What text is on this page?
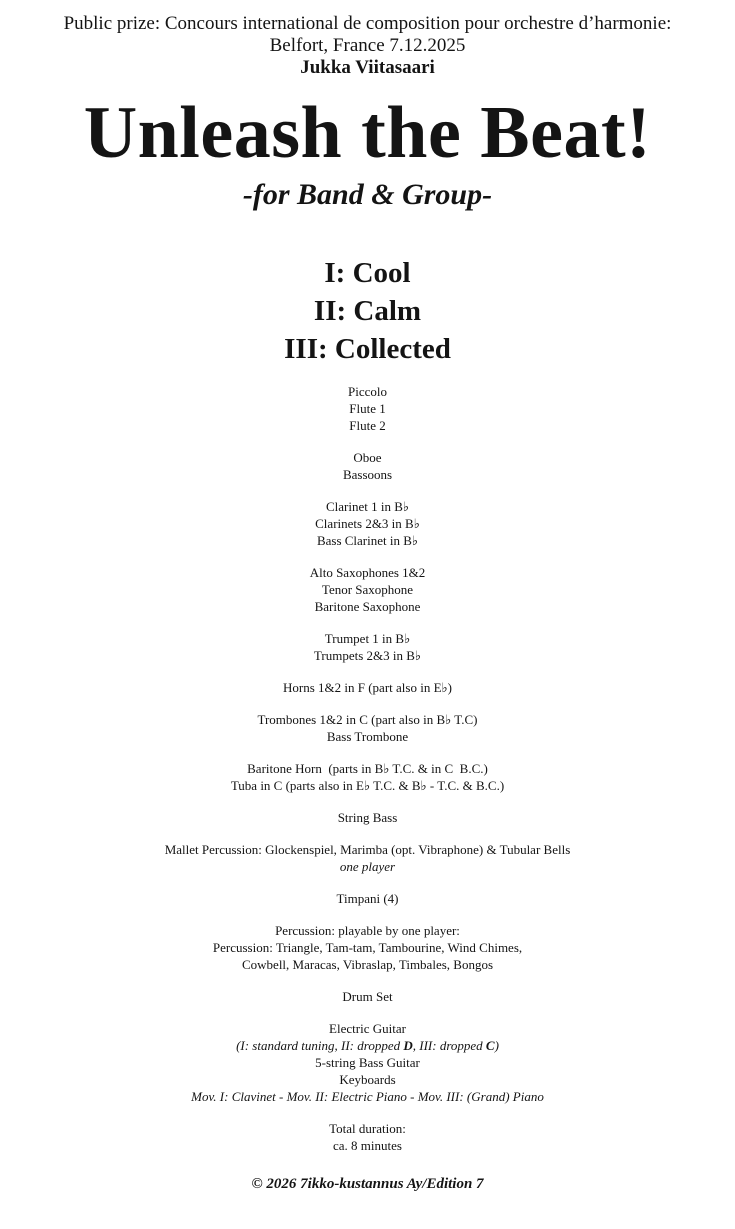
Public prize: Concours international de composition pour orchestre d’harmonie:
Belfort, France 7.12.2025
Jukka Viitasaari
Unleash the Beat!
-for Band & Group-
I: Cool
II: Calm
III: Collected
Piccolo
Flute 1
Flute 2
Oboe
Bassoons
Clarinet 1 in B♭
Clarinets 2&3 in B♭
Bass Clarinet in B♭
Alto Saxophones 1&2
Tenor Saxophone
Baritone Saxophone
Trumpet 1 in B♭
Trumpets 2&3 in B♭
Horns 1&2 in F (part also in E♭)
Trombones 1&2 in C (part also in B♭ T.C)
Bass Trombone
Baritone Horn  (parts in B♭ T.C. & in C  B.C.)
Tuba in C (parts also in E♭ T.C. & B♭ - T.C. & B.C.)
String Bass
Mallet Percussion: Glockenspiel, Marimba (opt. Vibraphone) & Tubular Bells
one player
Timpani (4)
Percussion: playable by one player:
Percussion: Triangle, Tam-tam, Tambourine, Wind Chimes,
Cowbell, Maracas, Vibraslap, Timbales, Bongos
Drum Set
Electric Guitar
(I: standard tuning, II: dropped D, III: dropped C)
5-string Bass Guitar
Keyboards
Mov. I: Clavinet - Mov. II: Electric Piano - Mov. III: (Grand) Piano
Total duration:
ca. 8 minutes
© 2026 7ikko-kustannus Ay/Edition 7
